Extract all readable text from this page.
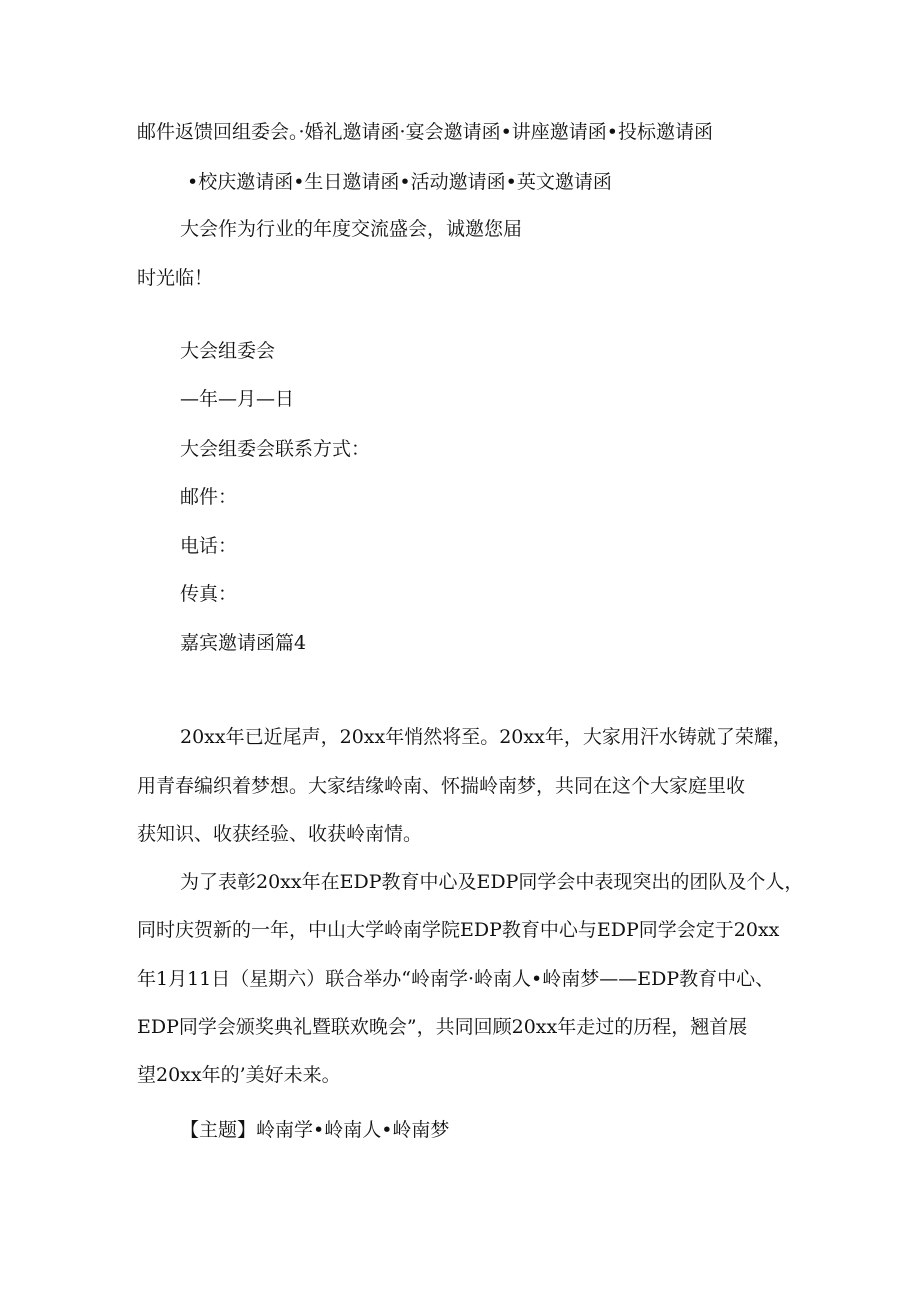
邮件返馈回组委会。·婚礼邀请函·宴会邀请函•讲座邀请函•投标邀请函
•校庆邀请函•生日邀请函•活动邀请函•英文邀请函
大会作为行业的年度交流盛会，诚邀您届
时光临！
大会组委会
—年—月—日
大会组委会联系方式：
邮件：
电话：
传真：
嘉宾邀请函篇4
20xx年已近尾声，20xx年悄然将至。20xx年，大家用汗水铸就了荣耀，
用青春编织着梦想。大家结缘岭南、怀揣岭南梦，共同在这个大家庭里收
获知识、收获经验、收获岭南情。
为了表彰20xx年在EDP教育中心及EDP同学会中表现突出的团队及个人，
同时庆贺新的一年，中山大学岭南学院EDP教育中心与EDP同学会定于20xx
年1月11日（星期六）联合举办“岭南学·岭南人•岭南梦——EDP教育中心、
EDP同学会颁奖典礼暨联欢晚会”，共同回顾20xx年走过的历程，翘首展
望20xx年的’美好未来。
【主题】岭南学•岭南人•岭南梦
